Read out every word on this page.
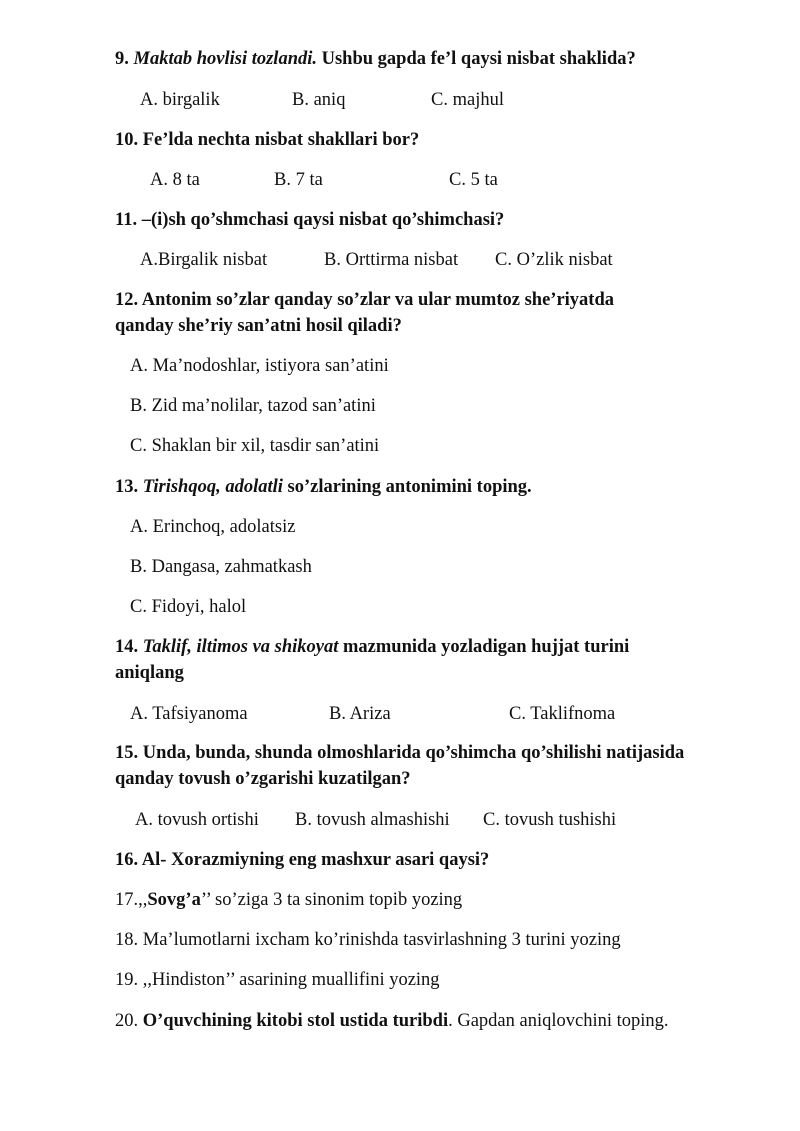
9. Maktab hovlisi tozlandi. Ushbu gapda fe’l qaysi nisbat shaklida?
A. birgalik	B. aniq	C. majhul
10. Fe’lda nechta nisbat shakllari bor?
A. 8 ta	B. 7 ta	C. 5 ta
11. –(i)sh qo’shmchasi qaysi nisbat qo’shimchasi?
A.Birgalik nisbat	B. Orttirma nisbat C. O’zlik nisbat
12. Antonim so’zlar qanday so’zlar va ular mumtoz she’riyatda
qanday she’riy san’atni hosil qiladi?
A. Ma’nodoshlar, istiyora san’atini
B. Zid ma’nolilar, tazod san’atini
C. Shaklan bir xil, tasdir san’atini
13. Tirishqoq, adolatli so’zlarining antonimini toping.
A. Erinchoq, adolatsiz
B. Dangasa, zahmatkash
C. Fidoyi, halol
14. Taklif, iltimos va shikoyat mazmunida yozladigan hujjat turini
aniqlang
A. Tafsiyanoma	B. Ariza	C. Taklifnoma
15. Unda, bunda, shunda olmoshlarida qo’shimcha qo’shilishi natijasida
qanday tovush o’zgarishi kuzatilgan?
A. tovush ortishi B. tovush almashishi C. tovush tushishi
16. Al- Xorazmiyning eng mashxur asari qaysi?
17.,,Sovg’a’’ so’ziga 3 ta sinonim topib yozing
18. Ma’lumotlarni ixcham ko’rinishda tasvirlashning 3 turini yozing
19. ,,Hindiston’’ asarining muallifini yozing
20. O’quvchining kitobi stol ustida turibdi. Gapdan aniqlovchini toping.
